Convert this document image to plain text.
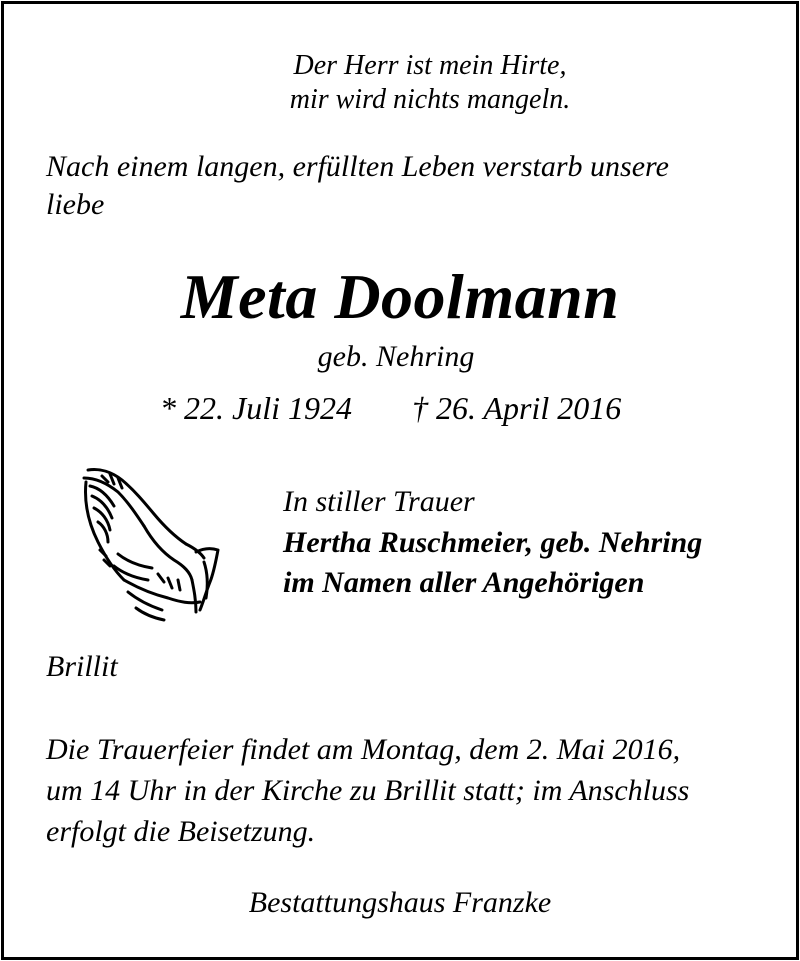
Der Herr ist mein Hirte,
mir wird nichts mangeln.
Nach einem langen, erfüllten Leben verstarb unsere
liebe
Meta Doolmann
geb. Nehring
* 22. Juli 1924 † 26. April 2016
In stiller Trauer
Hertha Ruschmeier, geb. Nehring
im Namen aller Angehörigen
Brillit
Die Trauerfeier findet am Montag, dem 2. Mai 2016,
um 14 Uhr in der Kirche zu Brillit statt; im Anschluss
erfolgt die Beisetzung.
Bestattungshaus Franzke
